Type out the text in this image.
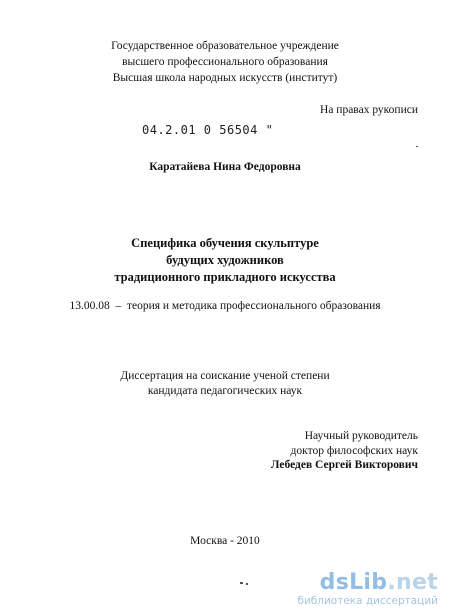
Государственное образовательное учреждение
высшего профессионального образования
Высшая школа народных искусств (институт)
На правах рукописи
04.2.01 0 56504 "
Каратайева Нина Федоровна
Специфика обучения скульптуре
будущих художников
традиционного прикладного искусства
13.00.08 – теория и методика профессионального образования
Диссертация на соискание ученой степени
кандидата педагогических наук
Научный руководитель
доктор философских наук
Лебедев Сергей Викторович
Москва - 2010
dsLib.net
библиотека диссертаций
